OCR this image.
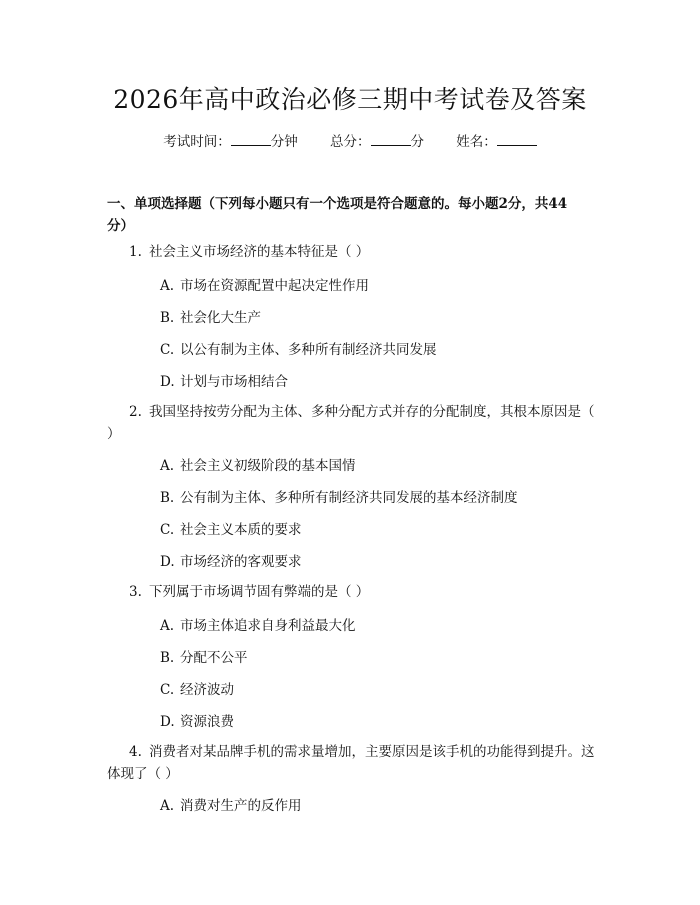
2026年高中政治必修三期中考试卷及答案
考试时间：	分钟 总分：	分 姓名：
一、单项选择题（下列每小题只有一个选项是符合题意的。每小题2分，共44分）
1. 社会主义市场经济的基本特征是（ ）
A. 市场在资源配置中起决定性作用
B. 社会化大生产
C. 以公有制为主体、多种所有制经济共同发展
D. 计划与市场相结合
2. 我国坚持按劳分配为主体、多种分配方式并存的分配制度，其根本原因是（ ）
A. 社会主义初级阶段的基本国情
B. 公有制为主体、多种所有制经济共同发展的基本经济制度
C. 社会主义本质的要求
D. 市场经济的客观要求
3. 下列属于市场调节固有弊端的是（ ）
A. 市场主体追求自身利益最大化
B. 分配不公平
C. 经济波动
D. 资源浪费
4. 消费者对某品牌手机的需求量增加，主要原因是该手机的功能得到提升。这体现了（ ）
A. 消费对生产的反作用
